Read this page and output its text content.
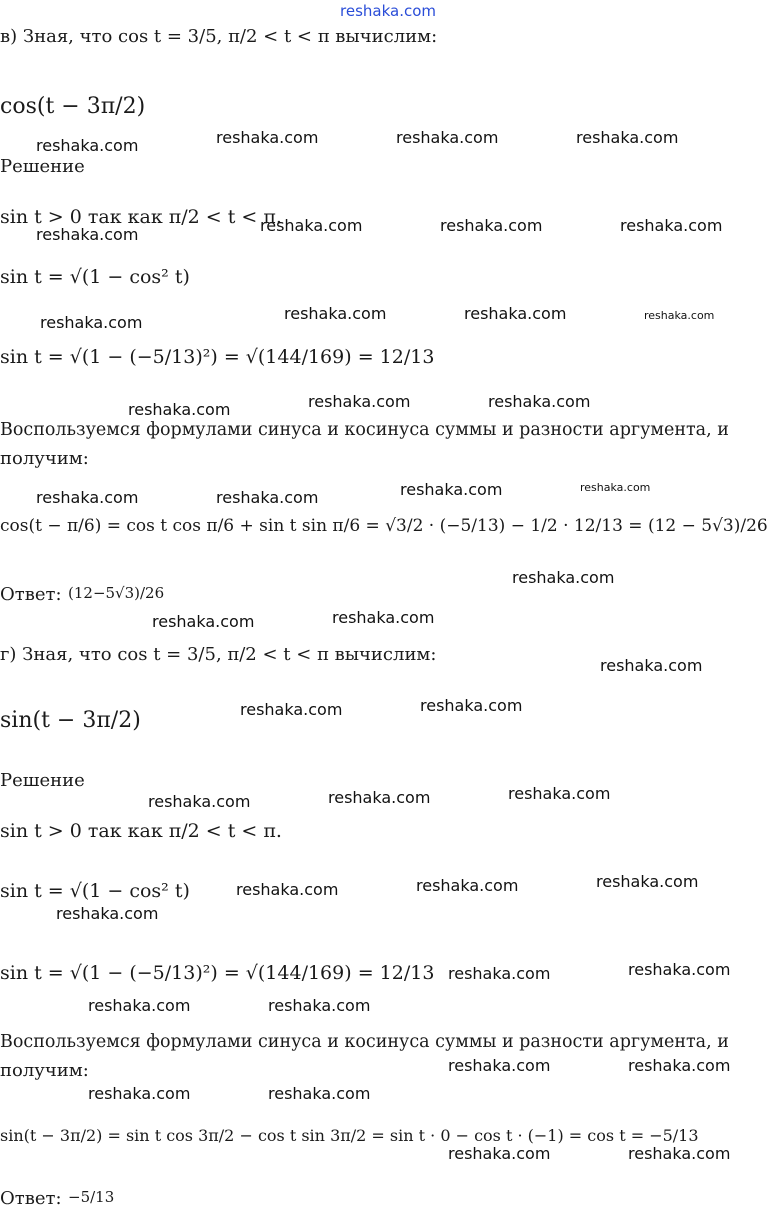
reshaka.com
reshaka.com	reshaka.com	reshaka.com	reshaka.com
reshaka.com	reshaka.com	reshaka.com	reshaka.com
reshaka.com	reshaka.com	reshaka.com	reshaka.com
reshaka.com	reshaka.com	reshaka.com
reshaka.com	reshaka.com	reshaka.com	reshaka.com
reshaka.com
reshaka.com	reshaka.com
reshaka.com
reshaka.com	reshaka.com
reshaka.com	reshaka.com	reshaka.com
reshaka.com	reshaka.com	reshaka.com
reshaka.com
reshaka.com	reshaka.com
reshaka.com	reshaka.com
reshaka.com	reshaka.com
reshaka.com	reshaka.com
reshaka.com	reshaka.com
в) Зная, что cos t = 3/5, π/2 < t < π вычислим:
cos(t − 3π/2)
Решение
sin t > 0 так как π/2 < t < π.
sin t = √(1 − cos² t)
sin t = √(1 − (−5/13)²) = √(144/169) = 12/13
Воспользуемся формулами синуса и косинуса суммы и разности аргумента, и
получим:
cos(t − π/6) = cos t cos π/6 + sin t sin π/6 = √3/2 · (−5/13) − 1/2 · 12/13 = (12 − 5√3)/26
Ответ: (12−5√3)/26
г) Зная, что cos t = 3/5, π/2 < t < π вычислим:
sin(t − 3π/2)
Решение
sin t > 0 так как π/2 < t < π.
sin t = √(1 − cos² t)
sin t = √(1 − (−5/13)²) = √(144/169) = 12/13
Воспользуемся формулами синуса и косинуса суммы и разности аргумента, и
получим:
sin(t − 3π/2) = sin t cos 3π/2 − cos t sin 3π/2 = sin t · 0 − cos t · (−1) = cos t = −5/13
Ответ: −5/13
